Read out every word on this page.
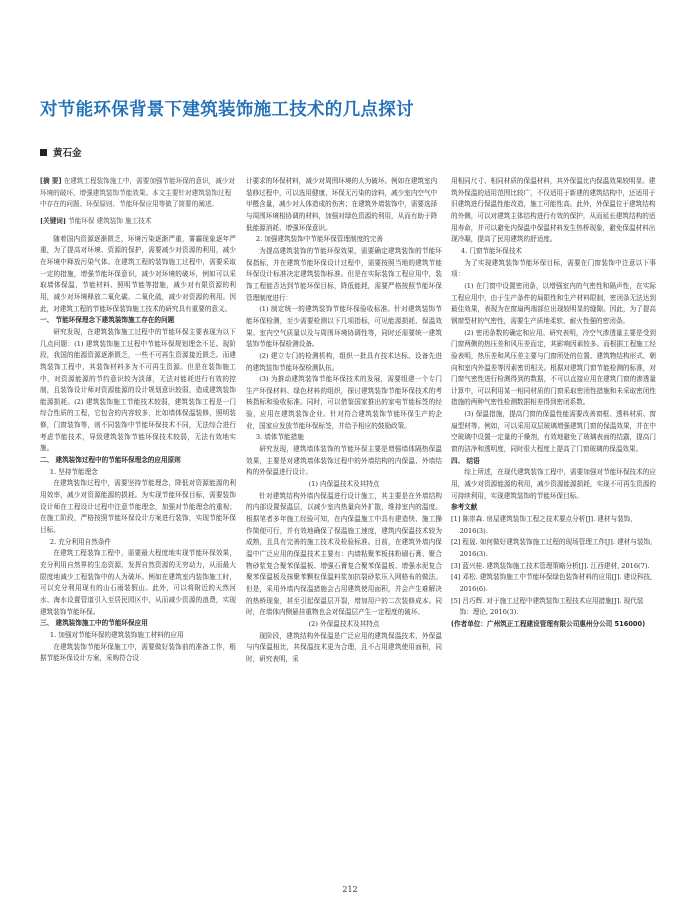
对节能环保背景下建筑装饰施工技术的几点探讨
黄石金

[摘 要] 在建筑工程装饰施工中，需要加强节能环保的意识，减少对环境的破坏，增强建筑装饰节能效果。本文主要针对建筑装饰过程中存在的问题、环保原则、节能环保应用等做了简要的阐述。

[关键词] 节能环保 建筑装饰 施工技术

随着国内资源逐渐匮乏，环境污染逐渐严重，雾霾现象逐年严重，为了提高对环境、资源的保护，需要减少对资源的利用，减少在环境中释放污染气体。在建筑工程的装饰施工过程中，需要采取一定的措施，增强节能环保意识，减少对环境的破坏，例如可以采取墙体保温、节能材料、照明节能等措施，减少对有限资源的利用，减少对环境释放二氧化碳、二氧化硫，减少对资源的利用。因此，对建筑工程的节能环保装饰施工技术的研究具有重要的意义。

一、 节能环保理念下建筑装饰施工存在的问题

研究发现，在建筑装饰施工过程中的节能环保主要表现为以下几点问题：(1) 建筑装饰施工过程中节能环保规划理念不足。现阶段，我国的能源资源逐渐匮乏，一些不可再生资源接近匮乏。而建筑装饰工程中，其装饰材料多为不可再生资源。但是在装饰施工中，对资源能源的节约意识较为淡薄，无法对能耗进行有效的控制，且装饰设计师对资源能源的设计规划意识较弱，造成建筑装饰能源损耗。(2) 建筑装饰施工节能技术较弱，建筑装饰工程是一门综合性质的工程，它包含的内容较多，比如墙体保温装修，照明装修，门窗装饰等，则不同装饰中节能环保技术不同，无法综合进行考虑节能技术，导致建筑装饰节能环保技术较弱，无法有效地实施。

二、 建筑装饰过程中的节能环保理念的应用原则

1. 坚持节能理念

在建筑装饰过程中，需要坚持节能理念，降低对资源能源的利用效率，减少对资源能源的损耗。为实现节能环保目标，需要装饰设计师在工程设计过程中注意节能理念，加强对节能理念的重视；在施工阶段，严格按照节能环保设计方案进行装饰，实现节能环保目标。

2. 充分利用自然条件

在建筑工程装饰工程中，需要最大程度地实现节能环保效果，充分利用自然界的生态资源，发挥自然资源的无穷动力，从而最大限度地减少工程装饰中的人为破坏。例如在建筑室内装饰施工时，可以充分利用现有的山石雨装假山。此外，可以将附近的天然河水、海水设置管道引入至居民园区中，从而减少资源的浪费，实现建筑装饰节能环保。

三、 建筑装饰施工中的节能环保应用

1. 加强对节能环保的建筑装饰施工材料的应用

在建筑装饰节能环保施工中，需要做好装饰前的准备工作，根据节能环保设计方案，采购符合设

计要求的环保材料，减少对周围环境的人为破坏。例如在建筑室内装修过程中，可以选用健康、环保无污染的涂料，减少室内空气中甲醛含量，减少对人体造成的伤害；在建筑外墙装饰中，需要选择与周围环境相协调的材料，加强对绿色资源的利用，从而有助于降低能源消耗、增强环保意识。

2. 加强建筑装饰中节能环保管理制度的完善

为提高建筑装饰的节能环保效果，需要确定建筑装饰的节能环保指标，并在建筑节能环保设计过程中，需要按照当地的建筑节能环保设计标准决定建筑装饰标准。但是在实际装饰工程应用中，装饰工程能否达到节能环保目标，降低能耗，需要严格按照节能环保管理制度进行：

(1) 制定统一的建筑装饰节能环保验收标准。针对建筑装饰节能环保检测，至少需要检测以下几项指标，可见能源损耗、保温效果、室内空气质量以及与周围环境协调性等，同时还需要统一建筑装饰节能环保检测设备。

(2) 建立专门的检测机构，组织一批具有技术达标、设备先进的建筑装饰节能环保检测队伍。

(3) 为推动建筑装饰节能环保技术的发展，需要组建一个专门生产环保材料、绿色材料的组织，探讨建筑装饰节能环保技术的考核指标和验收标准。同时，可以借鉴国家推出的家电节能标签的经验，应用在建筑装饰企业。针对符合建筑装饰节能环保生产的企业，国家应发放节能环保标签，并给予相应的鼓励政策。

3. 墙体节能措施

研究发现，建筑墙体装饰的节能环保主要是增强墙体隔热保温效果，主要是对建筑墙体装饰过程中的外墙结构的内保温、外墙结构的外保温进行设计。

(1) 内保温技术及其特点

针对建筑结构外墙内保温进行设计施工，其主要是在外墙结构的内部设置保温层，以减少室内热量向外扩散，维持室内的温度。根据笔者多年施工经验可知，在内保温施工中具有建造快、施工操作简便可行，并有效地确保了保温施工速度，建筑内保温技术较为成熟，且具有完善的施工技术及检验标准。目前，在建筑外墙内保温中广泛应用的保温技术主要有：内墙粘聚苯板抹粉刷石膏、聚合物砂浆复合聚苯保温板、增强石膏复合聚苯保温板、增强水泥复合聚苯保温板及抹聚苯颗粒保温料浆加抗裂砂浆压入网格布的做法。但是，采用外墙内保温措施会占用建筑使用面积，并会产生难解决的热桥现象，甚至引起保温层开裂，增加用户的二次装修成本。同时，在墙体内侧悬挂重物也会对保温层产生一定程度的破坏。

(2) 外保温技术及其特点

现阶段，建筑结构外保温是广泛应用的建筑保温技术，外保温与内保温相比，其保温技术更为合理，且不占用建筑使用面积，同时，研究表明，采

用相同尺寸、相同材质的保温材料，其外保温比内保温效果较明显。建筑外保温的适用范围比较广，不仅适用于新建的建筑结构中，还适用于旧建筑进行保温性能改造，施工可能性高。此外，外保温位于建筑结构的外侧，可以对建筑主体结构进行有效的保护，从而延长建筑结构的适用寿命，并可以避免内保温中保温材料发生热桥现象，避免保温材料出现冷凝，提高了民用建筑的舒适度。

4. 门窗节能环保技术

为了实现建筑装饰节能环保目标，需要在门窗装饰中注意以下事项：

(1) 在门窗中设置密闭条，以增强室内的气密性和隔声性，在实际工程应用中，由于生产条件的局限性和生产材料限制，密闭条无法达到最佳效果，表现为在窗扇两端部位出现较明显的缝隙。因此，为了提高钢窗型材的气密性，需要生产质地柔软、耐火性强的密闭条。

(2) 密闭条数的确定和应用。研究表明，冷空气渗透量主要是受到门窗两侧的热压差和风压差而定，其影响因素较多。而根据工程施工经验表明，热压差和风压差主要与门窗所处的位置、建筑物结构形式、朝向和室内外温差等因素密切相关。根据对建筑门窗节能检测的标准，对门窗气密性进行检测得到的数据，不可以直接应用在建筑门窗的渗透量计算中，可以利用某一相同材质的门窗采取密闭性措施和未采取密闭性措施的两种气密性检测数据相差得到密闭系数。

(3) 保温措施，提高门窗的保温性能需要改善窗框、透料材质、窗扇型材等。例如，可以采用双层玻璃增强建筑门窗的保温效果，并在中空玻璃中设置一定量的干燥剂，有效地避免了玻璃表面的结露，提高门窗的洁净和透明度，同时很大程度上提高了门窗玻璃的保温效果。

四、 结语

综上所述，在现代建筑装饰工程中，需要加强对节能环保技术的应用，减少对资源能源的利用，减少资源能源损耗，实现不可再生资源的可持续利用，实现建筑装饰的节能环保目标。

参考文献

[1] 陈崇森. 房屋建筑装饰工程之技术要点分析[J]. 建材与装饰, 2016(3).

[2] 程晟. 如何做好建筑装饰施工过程的现场管理工作[J]. 建材与装饰, 2016(3).

[3] 蓝兴桂. 建筑装饰施工技术管理策略分析[J]. 江西建材, 2016(7).

[4] 邓松. 建筑装饰施工中节能环保绿色装饰材料的应用[J]. 建设科技, 2016(6).

[5] 吕巧辉. 对于施工过程中建筑装饰工程技术应用措施[J]. 现代装饰：理论, 2016(3).

(作者单位：广州筑正工程建设管理有限公司惠州分公司 516000)

212
